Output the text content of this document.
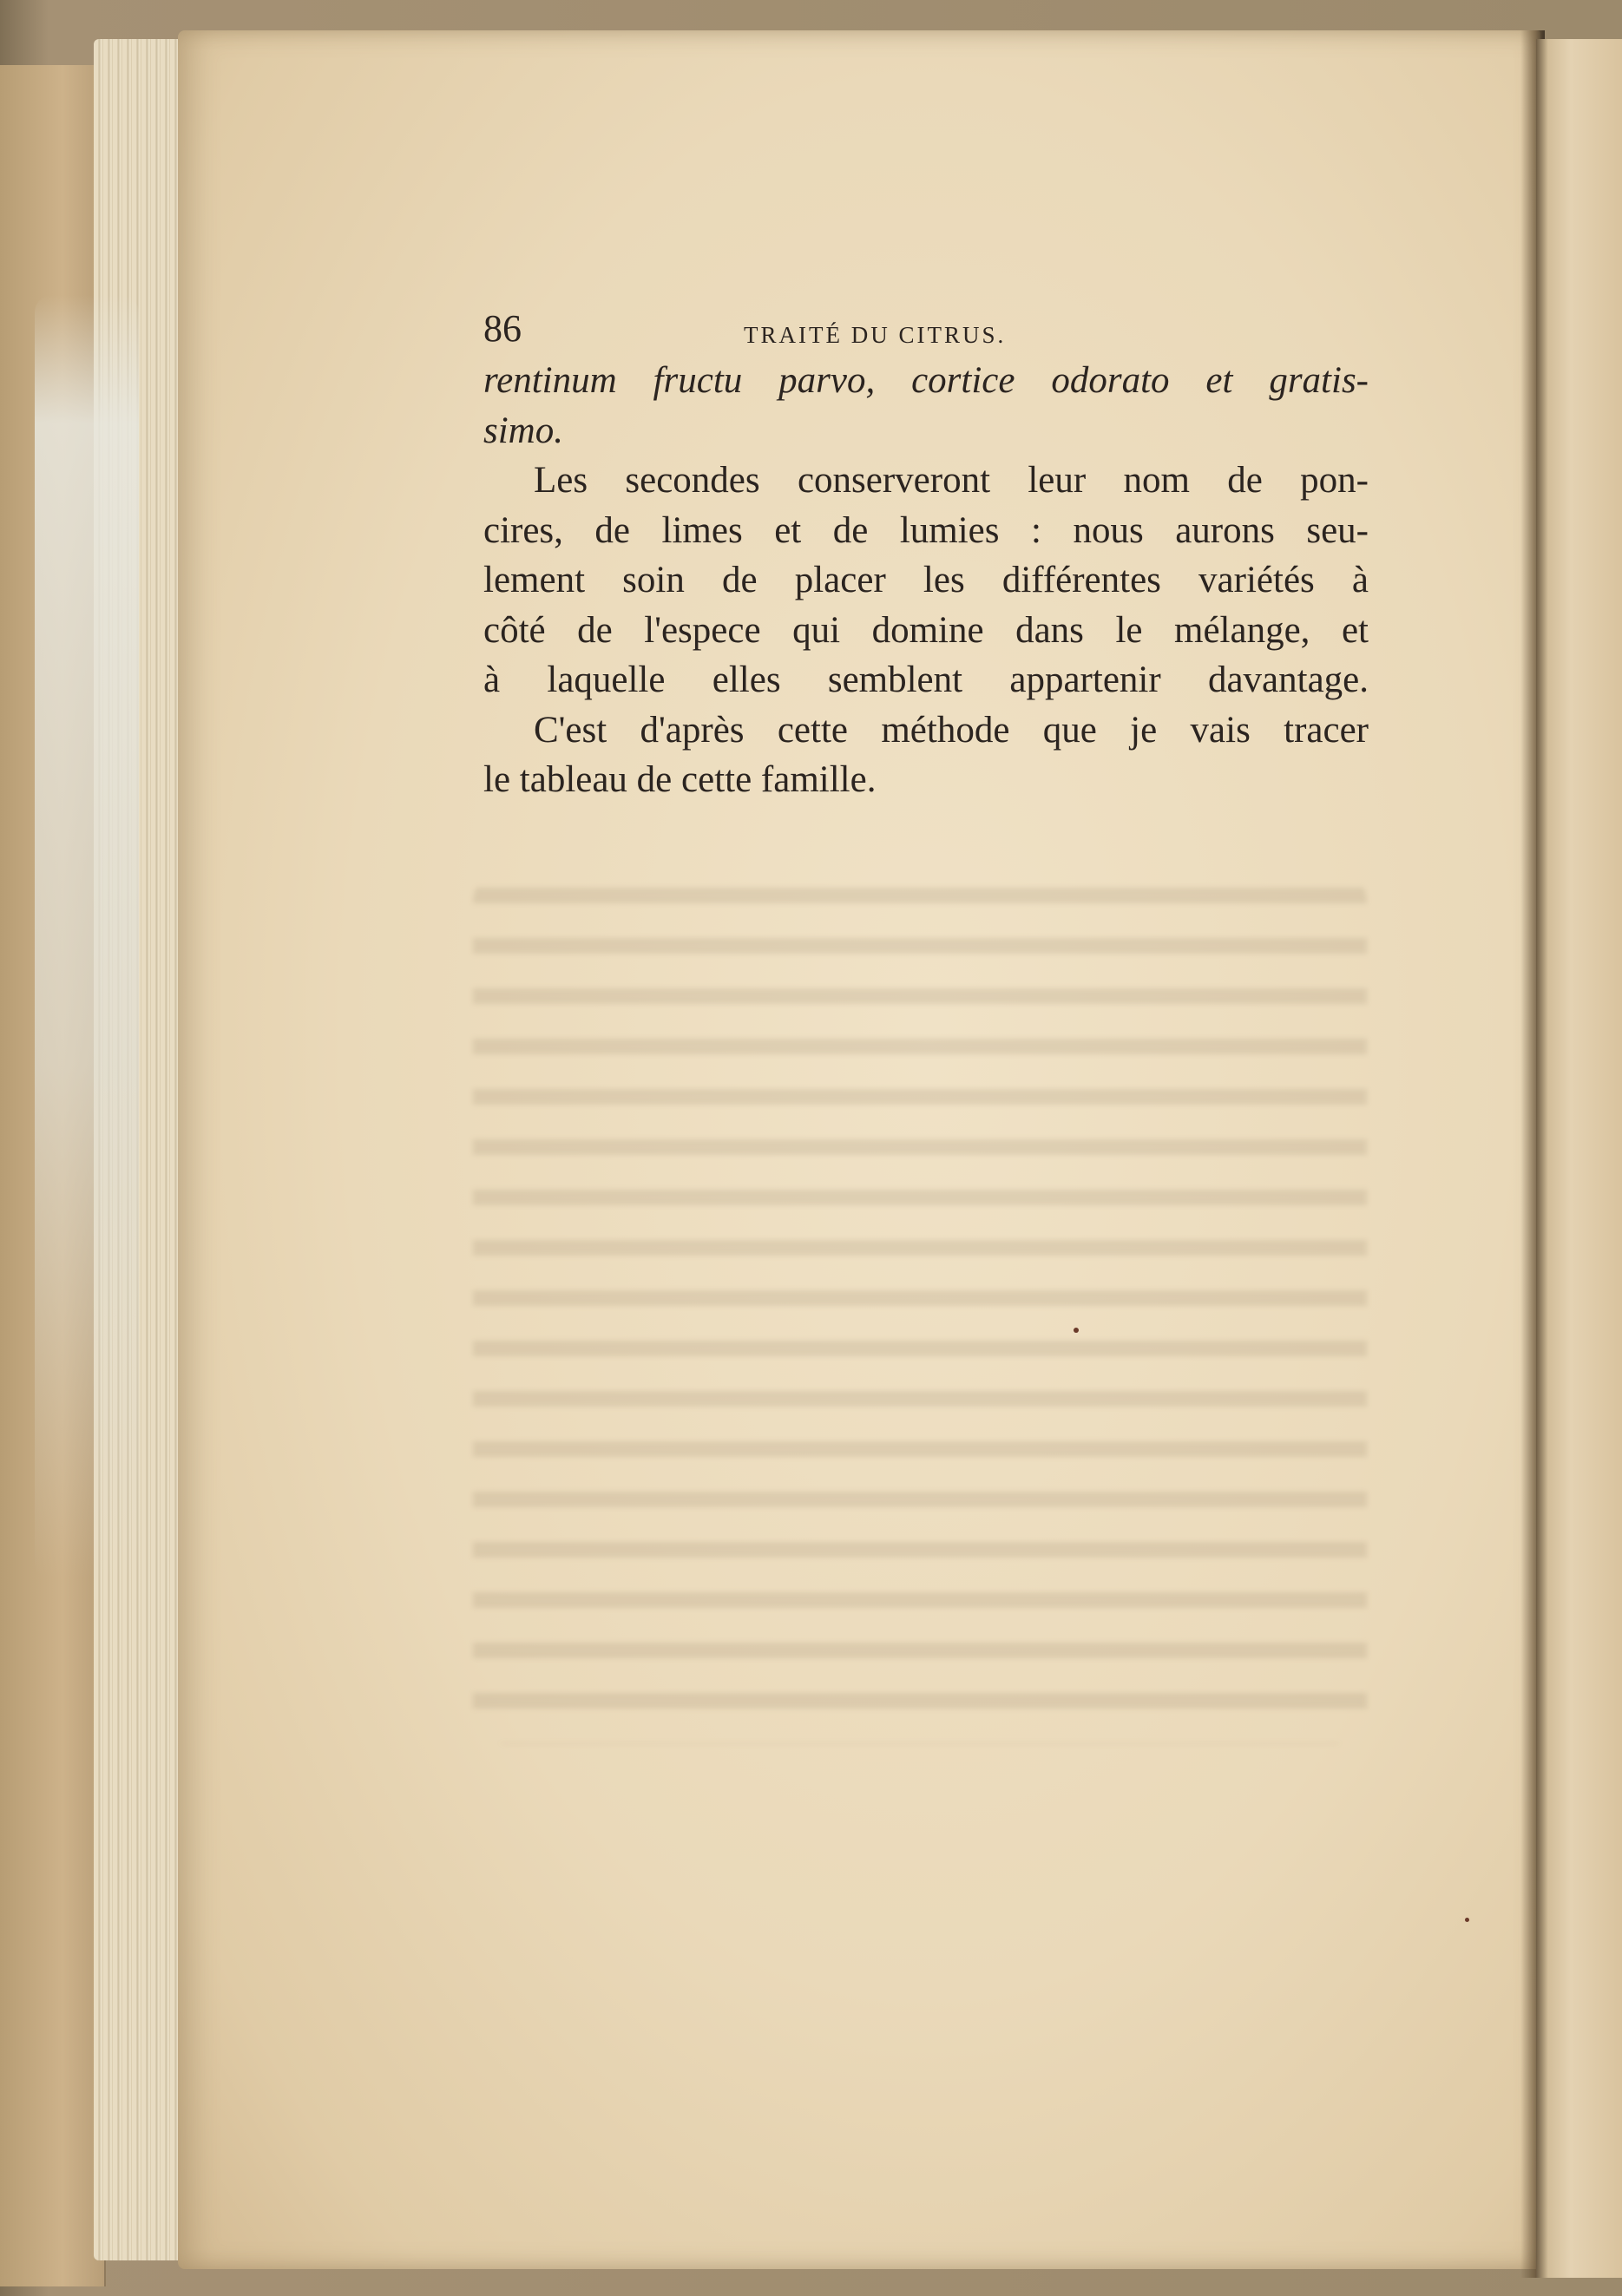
86	TRAITÉ DU CITRUS.
rentinum fructu parvo, cortice odorato et gratis-
simo.
Les secondes conserveront leur nom de pon-
cires, de limes et de lumies : nous aurons seu-
lement soin de placer les différentes variétés à
côté de l'espece qui domine dans le mélange, et
à laquelle elles semblent appartenir davantage.
C'est d'après cette méthode que je vais tracer
le tableau de cette famille.
